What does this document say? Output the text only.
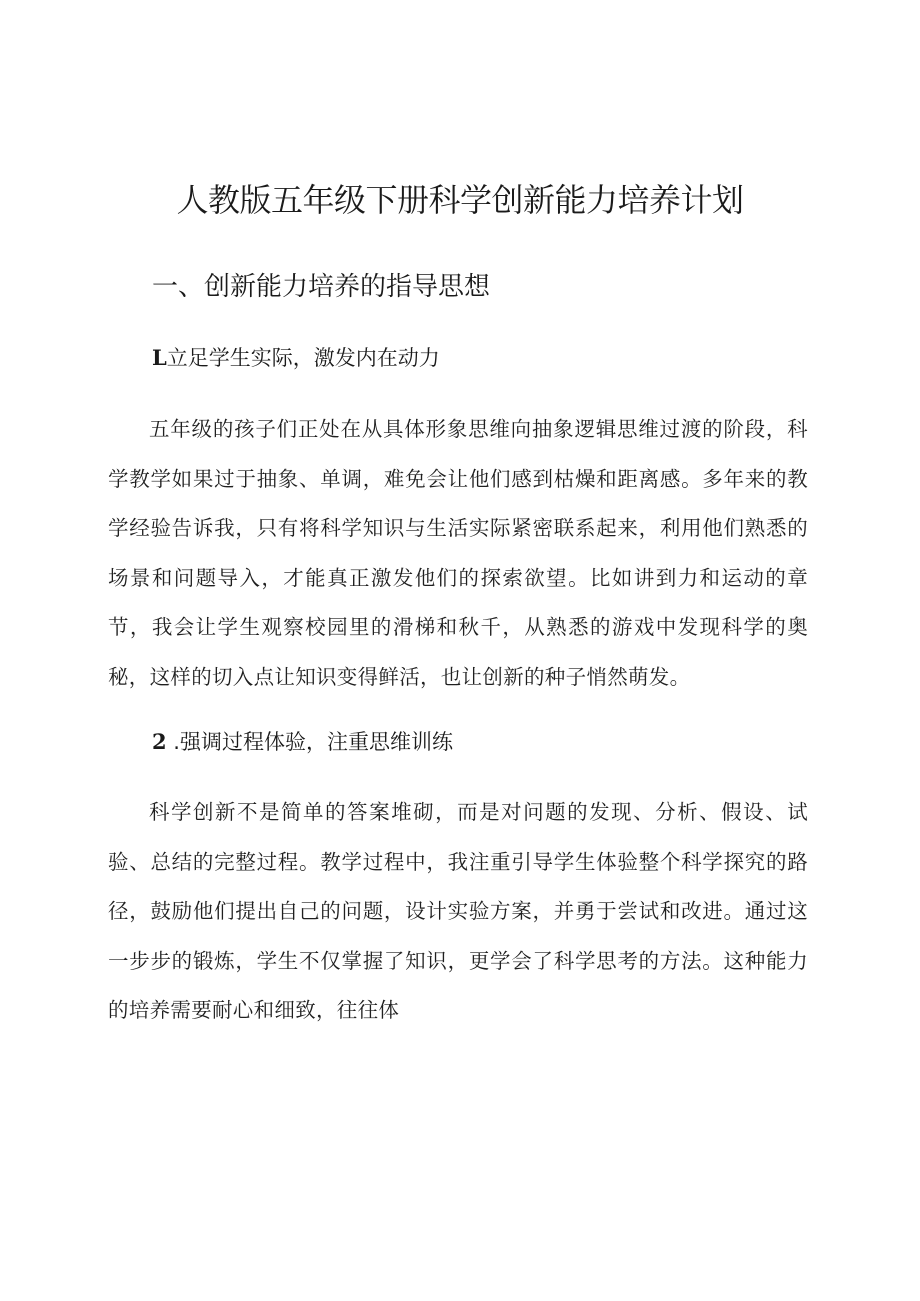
人教版五年级下册科学创新能力培养计划
一、创新能力培养的指导思想
L立足学生实际，激发内在动力

五年级的孩子们正处在从具体形象思维向抽象逻辑思维过渡的阶段，科学教学如果过于抽象、单调，难免会让他们感到枯燥和距离感。多年来的教学经验告诉我，只有将科学知识与生活实际紧密联系起来，利用他们熟悉的场景和问题导入，才能真正激发他们的探索欲望。比如讲到力和运动的章节，我会让学生观察校园里的滑梯和秋千，从熟悉的游戏中发现科学的奥秘，这样的切入点让知识变得鲜活，也让创新的种子悄然萌发。

2 .强调过程体验，注重思维训练

科学创新不是简单的答案堆砌，而是对问题的发现、分析、假设、试验、总结的完整过程。教学过程中，我注重引导学生体验整个科学探究的路径，鼓励他们提出自己的问题，设计实验方案，并勇于尝试和改进。通过这一步步的锻炼，学生不仅掌握了知识，更学会了科学思考的方法。这种能力的培养需要耐心和细致，往往体
